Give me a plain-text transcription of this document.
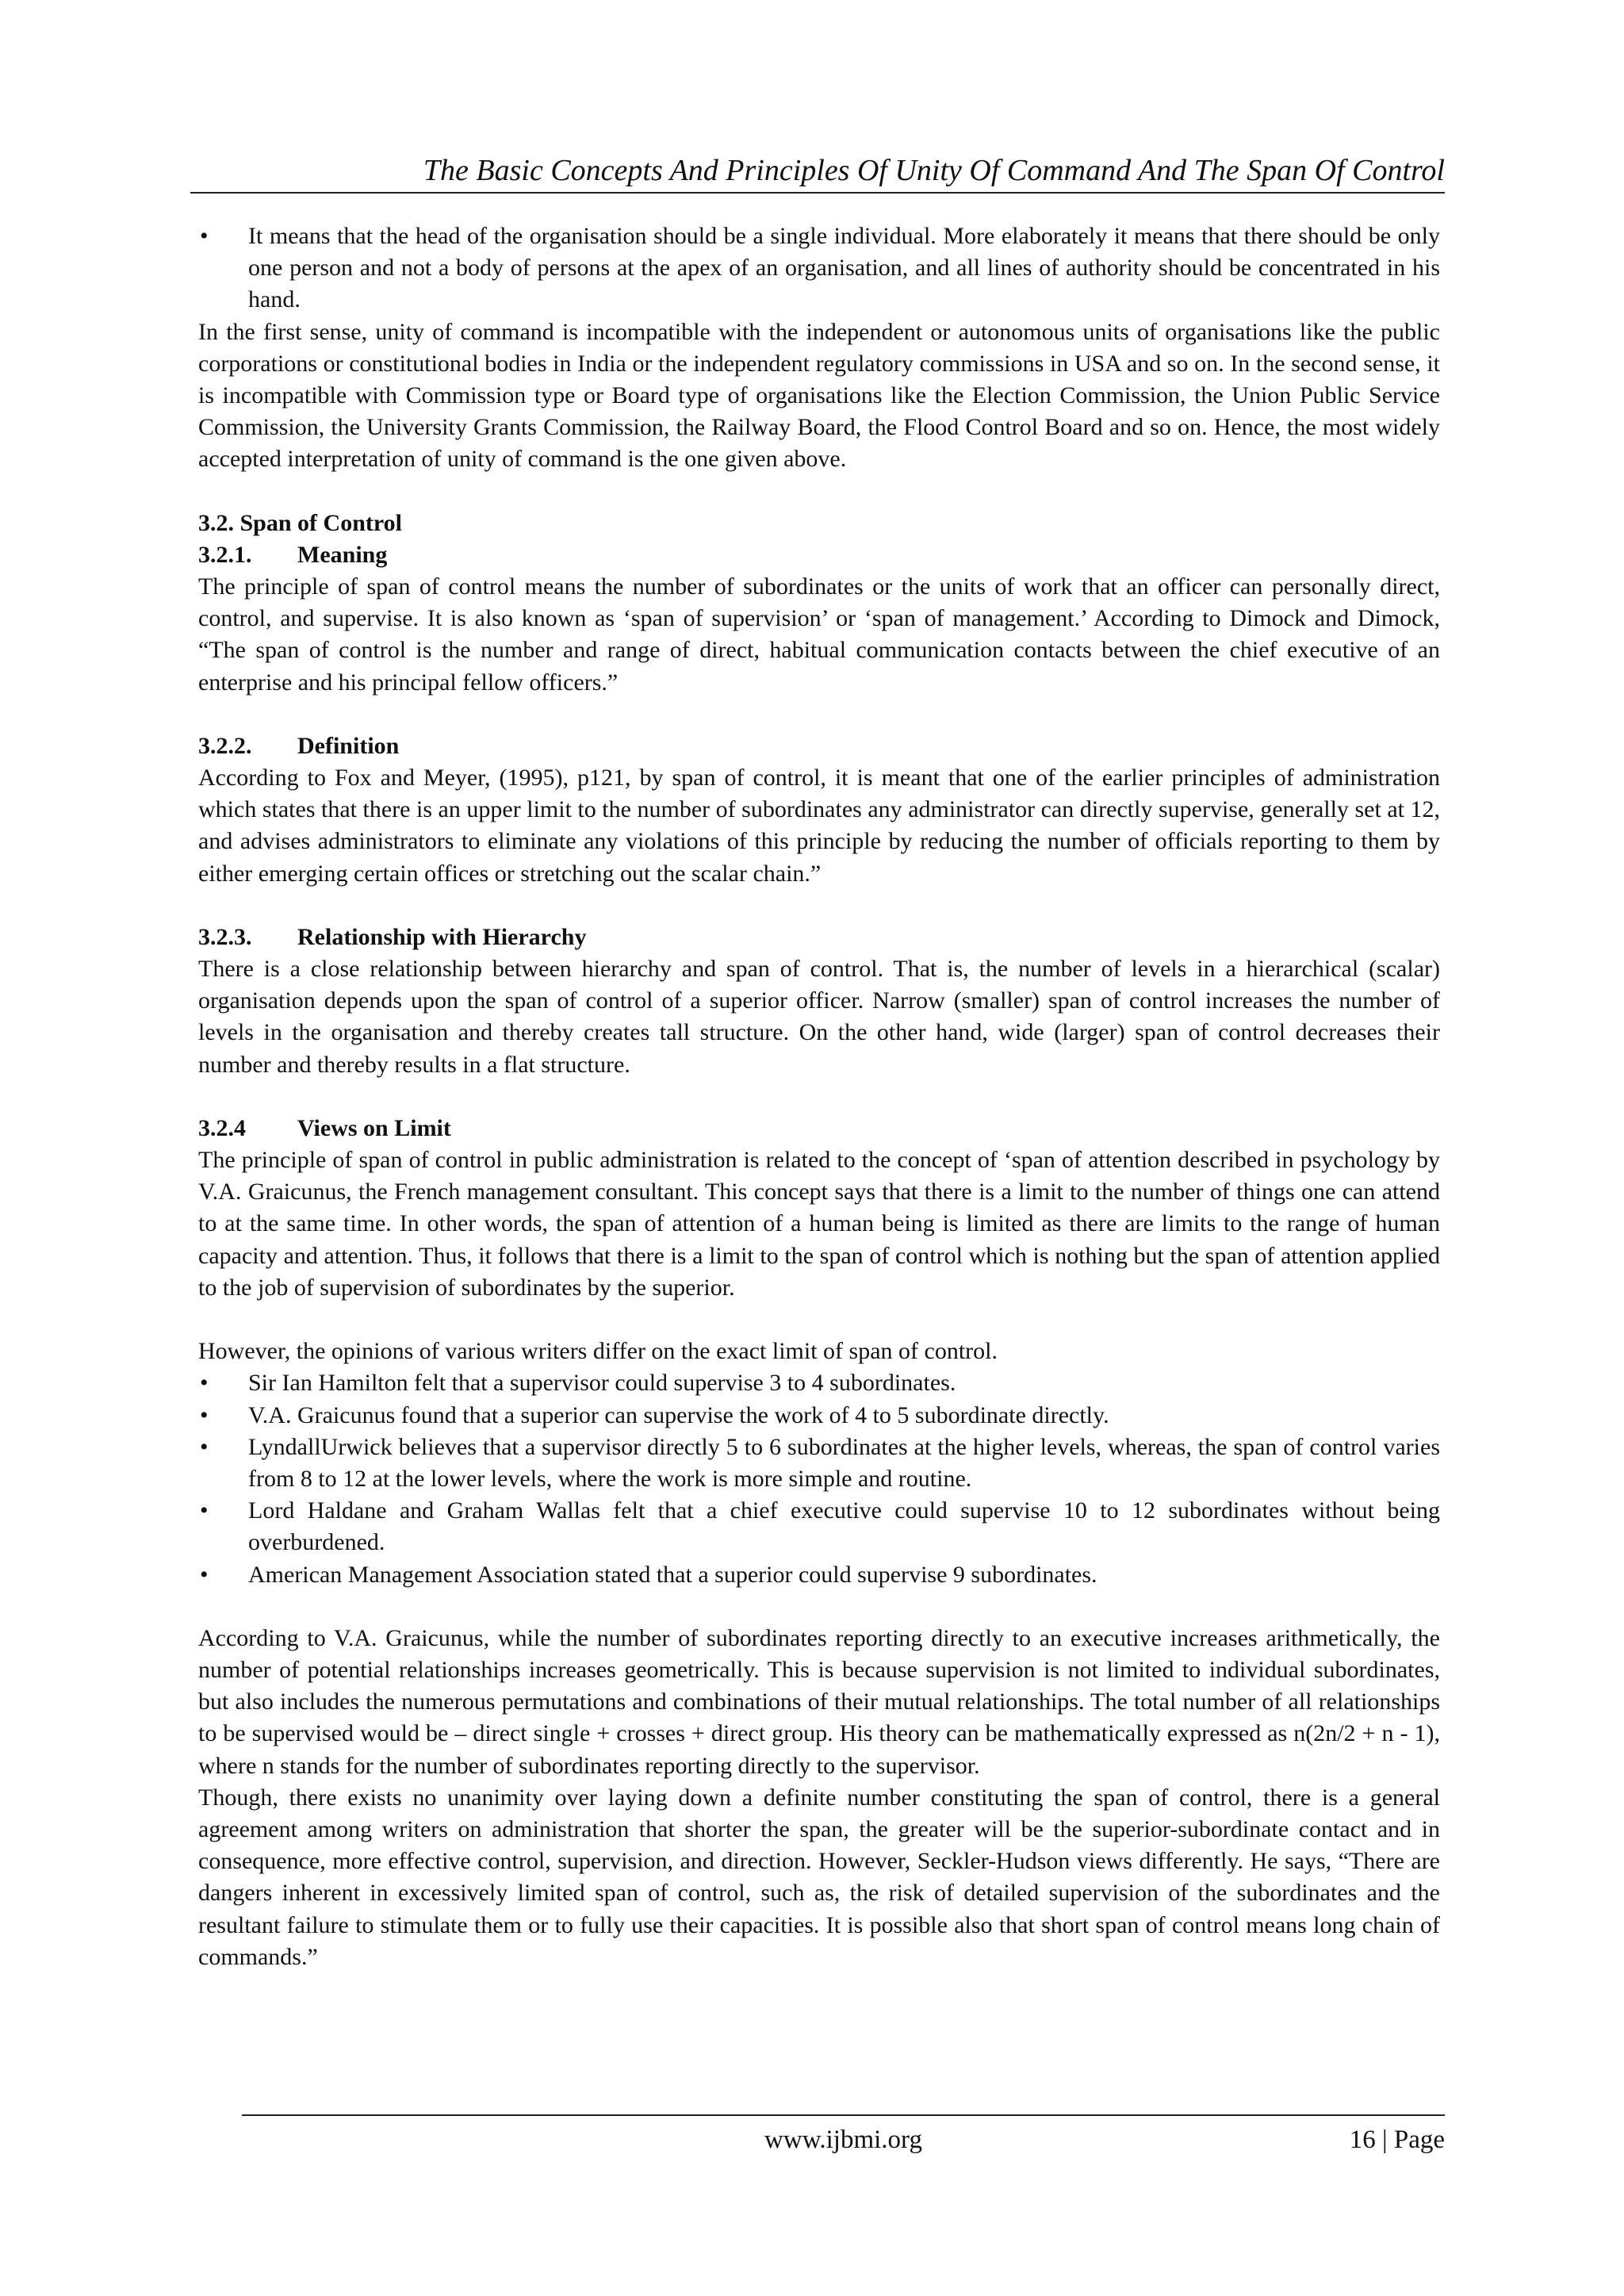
The Basic Concepts And Principles Of Unity Of Command And The Span Of Control
• It means that the head of the organisation should be a single individual. More elaborately it means that there should be only one person and not a body of persons at the apex of an organisation, and all lines of authority should be concentrated in his hand.

In the first sense, unity of command is incompatible with the independent or autonomous units of organisations like the public corporations or constitutional bodies in India or the independent regulatory commissions in USA and so on. In the second sense, it is incompatible with Commission type or Board type of organisations like the Election Commission, the Union Public Service Commission, the University Grants Commission, the Railway Board, the Flood Control Board and so on. Hence, the most widely accepted interpretation of unity of command is the one given above.

3.2. Span of Control
3.2.1. Meaning

The principle of span of control means the number of subordinates or the units of work that an officer can personally direct, control, and supervise. It is also known as ‘span of supervision’ or ‘span of management.’ According to Dimock and Dimock, “The span of control is the number and range of direct, habitual communication contacts between the chief executive of an enterprise and his principal fellow officers.”

3.2.2. Definition

According to Fox and Meyer, (1995), p121, by span of control, it is meant that one of the earlier principles of administration which states that there is an upper limit to the number of subordinates any administrator can directly supervise, generally set at 12, and advises administrators to eliminate any violations of this principle by reducing the number of officials reporting to them by either emerging certain offices or stretching out the scalar chain.”

3.2.3. Relationship with Hierarchy

There is a close relationship between hierarchy and span of control. That is, the number of levels in a hierarchical (scalar) organisation depends upon the span of control of a superior officer. Narrow (smaller) span of control increases the number of levels in the organisation and thereby creates tall structure. On the other hand, wide (larger) span of control decreases their number and thereby results in a flat structure.

3.2.4 Views on Limit

The principle of span of control in public administration is related to the concept of ‘span of attention described in psychology by V.A. Graicunus, the French management consultant. This concept says that there is a limit to the number of things one can attend to at the same time. In other words, the span of attention of a human being is limited as there are limits to the range of human capacity and attention. Thus, it follows that there is a limit to the span of control which is nothing but the span of attention applied to the job of supervision of subordinates by the superior.

However, the opinions of various writers differ on the exact limit of span of control.

• Sir Ian Hamilton felt that a supervisor could supervise 3 to 4 subordinates.
• V.A. Graicunus found that a superior can supervise the work of 4 to 5 subordinate directly.
• LyndallUrwick believes that a supervisor directly 5 to 6 subordinates at the higher levels, whereas, the span of control varies from 8 to 12 at the lower levels, where the work is more simple and routine.
• Lord Haldane and Graham Wallas felt that a chief executive could supervise 10 to 12 subordinates without being overburdened.
• American Management Association stated that a superior could supervise 9 subordinates.

According to V.A. Graicunus, while the number of subordinates reporting directly to an executive increases arithmetically, the number of potential relationships increases geometrically. This is because supervision is not limited to individual subordinates, but also includes the numerous permutations and combinations of their mutual relationships. The total number of all relationships to be supervised would be – direct single + crosses + direct group. His theory can be mathematically expressed as n(2n/2 + n - 1), where n stands for the number of subordinates reporting directly to the supervisor.

Though, there exists no unanimity over laying down a definite number constituting the span of control, there is a general agreement among writers on administration that shorter the span, the greater will be the superior-subordinate contact and in consequence, more effective control, supervision, and direction. However, Seckler-Hudson views differently. He says, “There are dangers inherent in excessively limited span of control, such as, the risk of detailed supervision of the subordinates and the resultant failure to stimulate them or to fully use their capacities. It is possible also that short span of control means long chain of commands.”

www.ijbmi.org	16 | Page
